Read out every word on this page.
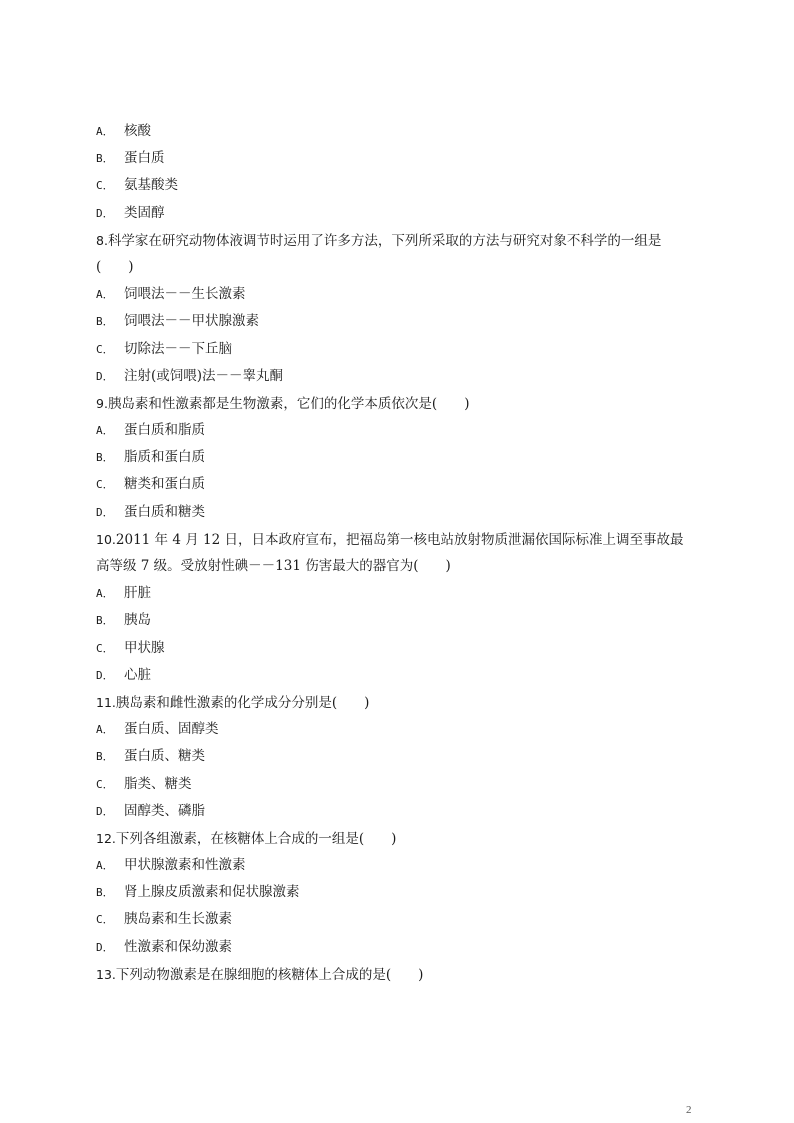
A． 核酸
B． 蛋白质
C． 氨基酸类
D． 类固醇
8.科学家在研究动物体液调节时运用了许多方法，下列所采取的方法与研究对象不科学的一组是
(　　)
A． 饲喂法－－生长激素
B． 饲喂法－－甲状腺激素
C． 切除法－－下丘脑
D． 注射(或饲喂)法－－睾丸酮
9.胰岛素和性激素都是生物激素，它们的化学本质依次是(　　)
A． 蛋白质和脂质
B． 脂质和蛋白质
C． 糖类和蛋白质
D． 蛋白质和糖类
10.2011 年 4 月 12 日，日本政府宣布，把福岛第一核电站放射物质泄漏依国际标准上调至事故最
高等级 7 级。受放射性碘－－131 伤害最大的器官为(　　)
A． 肝脏
B． 胰岛
C． 甲状腺
D． 心脏
11.胰岛素和雌性激素的化学成分分别是(　　)
A． 蛋白质、固醇类
B． 蛋白质、糖类
C． 脂类、糖类
D． 固醇类、磷脂
12.下列各组激素，在核糖体上合成的一组是(　　)
A． 甲状腺激素和性激素
B． 肾上腺皮质激素和促状腺激素
C． 胰岛素和生长激素
D． 性激素和保幼激素
13.下列动物激素是在腺细胞的核糖体上合成的是(　　)
2
